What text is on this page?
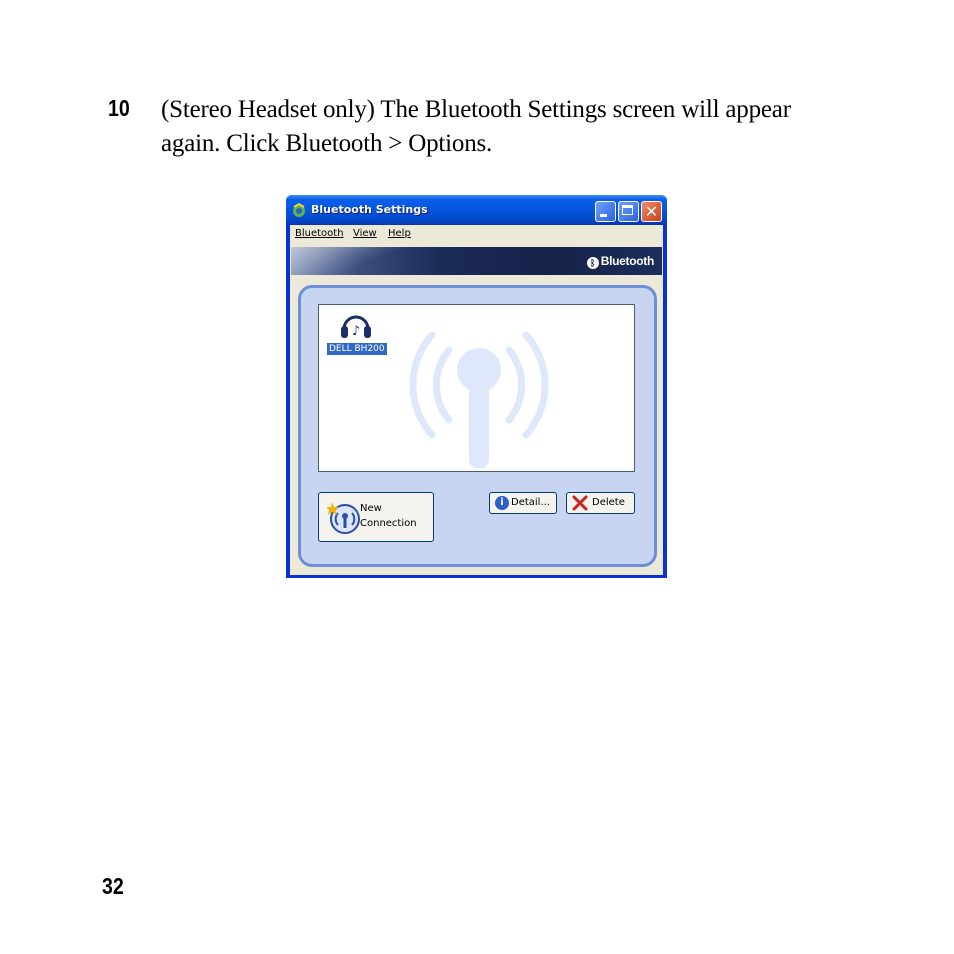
10 (Stereo Headset only) The Bluetooth Settings screen will appear again. Click Bluetooth > Options.
Bluetooth Settings	✕
Bluetooth View Help
ᛒ Bluetooth
♪
DELL BH200
New
Connection
i Detail...	Delete
32
